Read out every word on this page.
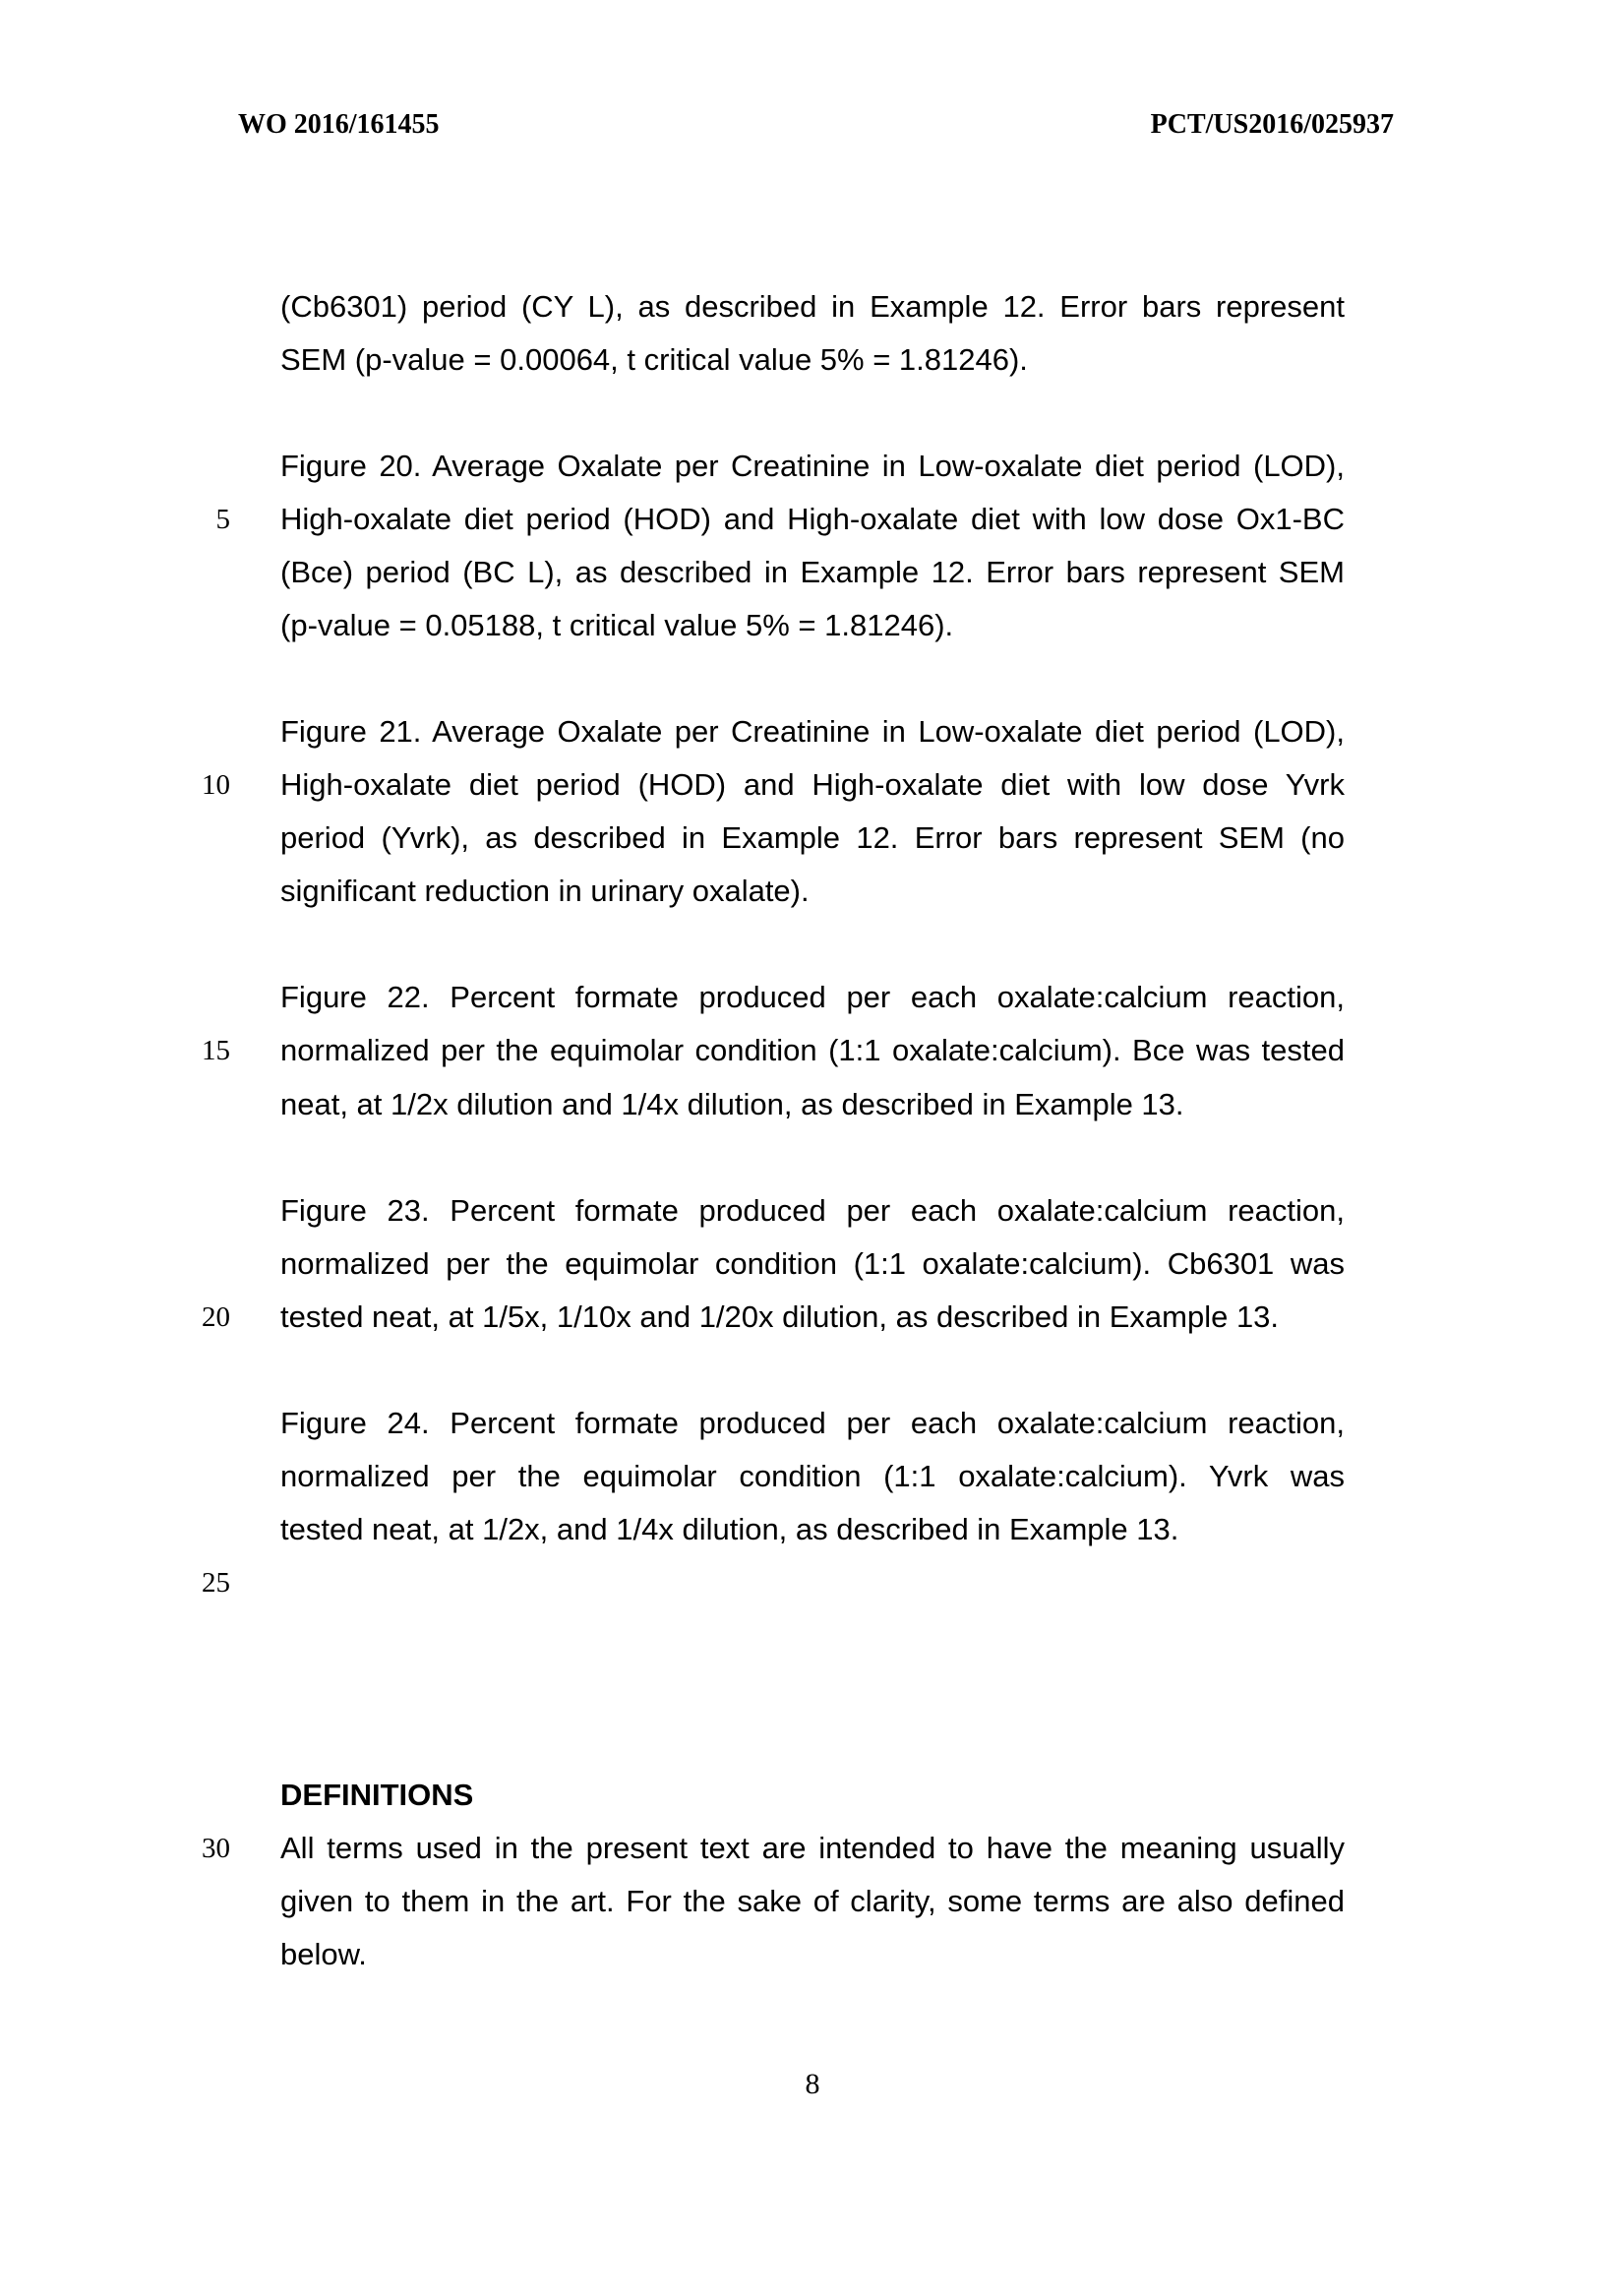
WO 2016/161455	PCT/US2016/025937
5
10
15
20
25
30
(Cb6301) period (CY L), as described in Example 12. Error bars represent
SEM (p-value = 0.00064, t critical value 5% = 1.81246).
Figure 20. Average Oxalate per Creatinine in Low-oxalate diet period (LOD),
High-oxalate diet period (HOD) and High-oxalate diet with low dose Ox1-BC
(Bce) period (BC L), as described in Example 12. Error bars represent SEM
(p-value = 0.05188, t critical value 5% = 1.81246).
Figure 21. Average Oxalate per Creatinine in Low-oxalate diet period (LOD),
High-oxalate diet period (HOD) and High-oxalate diet with low dose Yvrk
period (Yvrk), as described in Example 12. Error bars represent SEM (no
significant reduction in urinary oxalate).
Figure 22. Percent formate produced per each oxalate:calcium reaction,
normalized per the equimolar condition (1:1 oxalate:calcium). Bce was tested
neat, at 1/2x dilution and 1/4x dilution, as described in Example 13.
Figure 23. Percent formate produced per each oxalate:calcium reaction,
normalized per the equimolar condition (1:1 oxalate:calcium). Cb6301 was
tested neat, at 1/5x, 1/10x and 1/20x dilution, as described in Example 13.
Figure 24. Percent formate produced per each oxalate:calcium reaction,
normalized per the equimolar condition (1:1 oxalate:calcium). Yvrk was
tested neat, at 1/2x, and 1/4x dilution, as described in Example 13.
DEFINITIONS
All terms used in the present text are intended to have the meaning usually
given to them in the art. For the sake of clarity, some terms are also defined
below.
8
